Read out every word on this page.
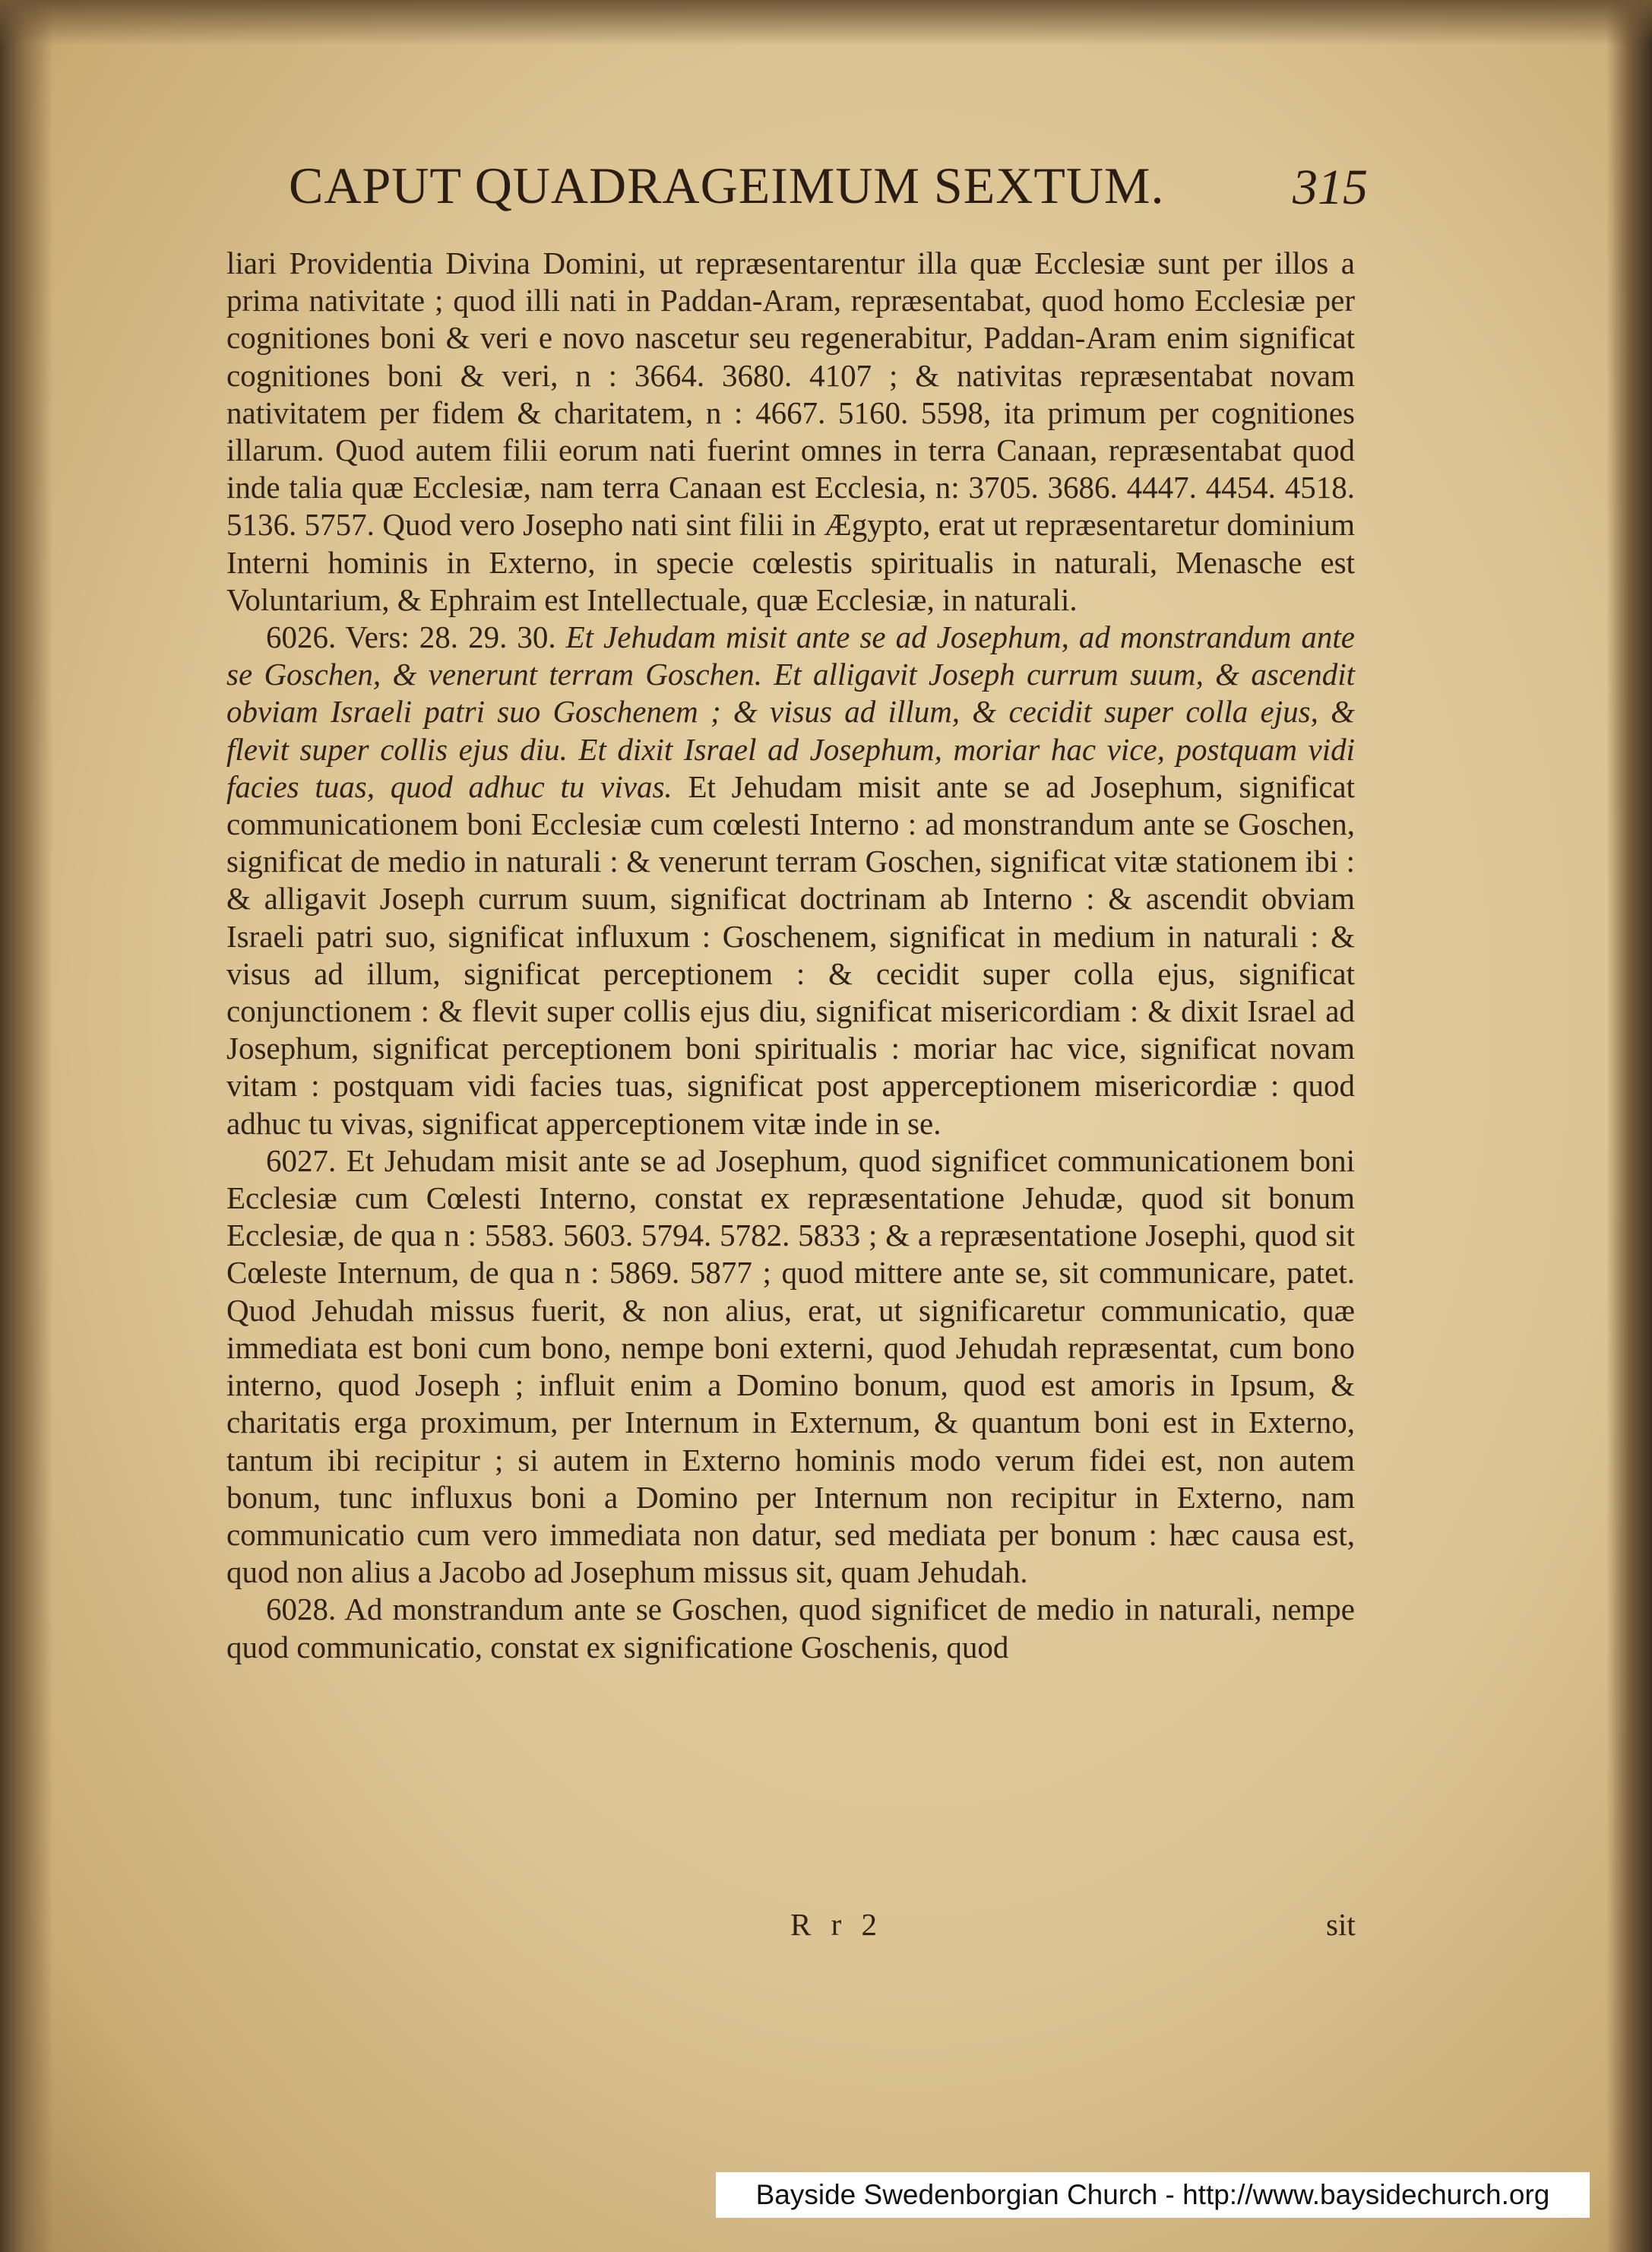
CAPUT QUADRAGEIMUM SEXTUM.	315

liari Providentia Divina Domini, ut repræsentarentur illa quæ Ecclesiæ sunt per illos a prima nativitate ; quod illi nati in Paddan-Aram, repræsentabat, quod homo Ecclesiæ per cognitiones boni & veri e novo nascetur seu regenerabitur, Paddan-Aram enim significat cognitiones boni & veri, n : 3664. 3680. 4107 ; & nativitas repræsentabat novam nativitatem per fidem & charitatem, n : 4667. 5160. 5598, ita primum per cognitiones illarum. Quod autem filii eorum nati fuerint omnes in terra Canaan, repræsentabat quod inde talia quæ Ecclesiæ, nam terra Canaan est Ecclesia, n: 3705. 3686. 4447. 4454. 4518. 5136. 5757. Quod vero Josepho nati sint filii in Ægypto, erat ut repræsentaretur dominium Interni hominis in Externo, in specie cœlestis spiritualis in naturali, Menasche est Voluntarium, & Ephraim est Intellectuale, quæ Ecclesiæ, in naturali.

6026. Vers: 28. 29. 30. Et Jehudam misit ante se ad Josephum, ad monstrandum ante se Goschen, & venerunt terram Goschen. Et alligavit Joseph currum suum, & ascendit obviam Israeli patri suo Goschenem ; & visus ad illum, & cecidit super colla ejus, & flevit super collis ejus diu. Et dixit Israel ad Josephum, moriar hac vice, postquam vidi facies tuas, quod adhuc tu vivas. Et Jehudam misit ante se ad Josephum, significat communicationem boni Ecclesiæ cum cœlesti Interno : ad monstrandum ante se Goschen, significat de medio in naturali : & venerunt terram Goschen, significat vitæ stationem ibi : & alligavit Joseph currum suum, significat doctrinam ab Interno : & ascendit obviam Israeli patri suo, significat influxum : Goschenem, significat in medium in naturali : & visus ad illum, significat perceptionem : & cecidit super colla ejus, significat conjunctionem : & flevit super collis ejus diu, significat misericordiam : & dixit Israel ad Josephum, significat perceptionem boni spiritualis : moriar hac vice, significat novam vitam : postquam vidi facies tuas, significat post apperceptionem misericordiæ : quod adhuc tu vivas, significat apperceptionem vitæ inde in se.

6027. Et Jehudam misit ante se ad Josephum, quod significet communicationem boni Ecclesiæ cum Cœlesti Interno, constat ex repræsentatione Jehudæ, quod sit bonum Ecclesiæ, de qua n : 5583. 5603. 5794. 5782. 5833 ; & a repræsentatione Josephi, quod sit Cœleste Internum, de qua n : 5869. 5877 ; quod mittere ante se, sit communicare, patet. Quod Jehudah missus fuerit, & non alius, erat, ut significaretur communicatio, quæ immediata est boni cum bono, nempe boni externi, quod Jehudah repræsentat, cum bono interno, quod Joseph ; influit enim a Domino bonum, quod est amoris in Ipsum, & charitatis erga proximum, per Internum in Externum, & quantum boni est in Externo, tantum ibi recipitur ; si autem in Externo hominis modo verum fidei est, non autem bonum, tunc influxus boni a Domino per Internum non recipitur in Externo, nam communicatio cum vero immediata non datur, sed mediata per bonum : hæc causa est, quod non alius a Jacobo ad Josephum missus sit, quam Jehudah.

6028. Ad monstrandum ante se Goschen, quod significet de medio in naturali, nempe quod communicatio, constat ex significatione Goschenis, quod

R r 2	sit
Bayside Swedenborgian Church - http://www.baysidechurch.org
